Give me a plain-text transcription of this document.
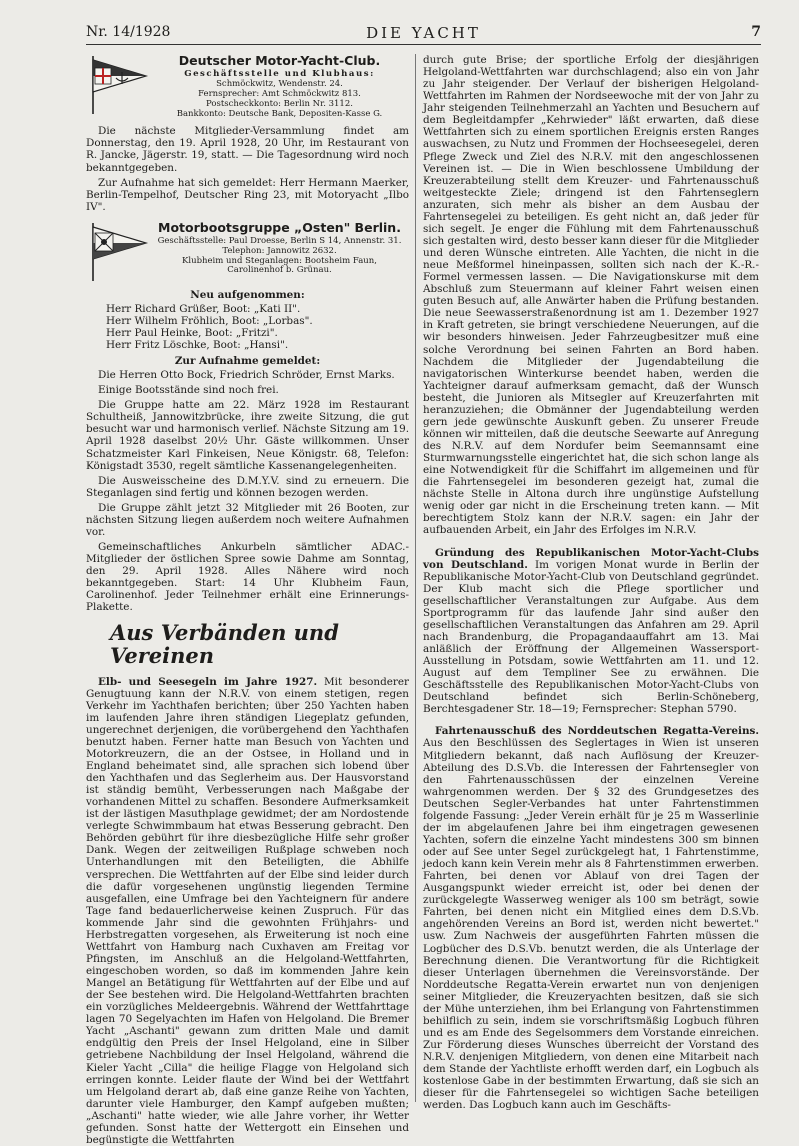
Nr. 14/1928	DIE YACHT	7
Deutscher Motor-Yacht-Club.
Geschäftsstelle und Klubhaus:
Schmöckwitz, Wendenstr. 24.
Fernsprecher: Amt Schmöckwitz 813.
Postscheckkonto: Berlin Nr. 3112.
Bankkonto: Deutsche Bank, Depositen-Kasse G.

Die nächste Mitglieder-Versammlung findet am Donnerstag, den 19. April 1928, 20 Uhr, im Restaurant von R. Jancke, Jägerstr. 19, statt. — Die Tagesordnung wird noch bekanntgegeben.

Zur Aufnahme hat sich gemeldet: Herr Hermann Maerker, Berlin-Tempelhof, Deutscher Ring 23, mit Motoryacht „Ilbo IV".

Motorbootsgruppe „Osten" Berlin.
Geschäftsstelle: Paul Droesse, Berlin S 14, Annenstr. 31.
Telephon: Jannowitz 2632.
Klubheim und Steganlagen: Bootsheim Faun,
Carolinenhof b. Grünau.
Neu aufgenommen:

Herr Richard Grüßer, Boot: „Kati II".

Herr Wilhelm Fröhlich, Boot: „Lorbas".

Herr Paul Heinke, Boot: „Fritzi".

Herr Fritz Löschke, Boot: „Hansi".

Zur Aufnahme gemeldet:

Die Herren Otto Bock, Friedrich Schröder, Ernst Marks.

Einige Bootsstände sind noch frei.

Die Gruppe hatte am 22. März 1928 im Restaurant Schultheiß, Jannowitzbrücke, ihre zweite Sitzung, die gut besucht war und harmonisch verlief. Nächste Sitzung am 19. April 1928 daselbst 20½ Uhr. Gäste willkommen. Unser Schatzmeister Karl Finkeisen, Neue Königstr. 68, Telefon: Königstadt 3530, regelt sämtliche Kassenangelegenheiten.

Die Ausweisscheine des D.M.Y.V. sind zu erneuern. Die Steganlagen sind fertig und können bezogen werden.

Die Gruppe zählt jetzt 32 Mitglieder mit 26 Booten, zur nächsten Sitzung liegen außerdem noch weitere Aufnahmen vor.

Gemeinschaftliches Ankurbeln sämtlicher ADAC.-Mitglieder der östlichen Spree sowie Dahme am Sonntag, den 29. April 1928. Alles Nähere wird noch bekanntgegeben. Start: 14 Uhr Klubheim Faun, Carolinenhof. Jeder Teilnehmer erhält eine Erinnerungs-Plakette.

Aus Verbänden und Vereinen

Elb- und Seesegeln im Jahre 1927. Mit besonderer Genugtuung kann der N.R.V. von einem stetigen, regen Verkehr im Yachthafen berichten; über 250 Yachten haben im laufenden Jahre ihren ständigen Liegeplatz gefunden, ungerechnet derjenigen, die vorübergehend den Yachthafen benutzt haben. Ferner hatte man Besuch von Yachten und Motorkreuzern, die an der Ostsee, in Holland und in England beheimatet sind, alle sprachen sich lobend über den Yachthafen und das Seglerheim aus. Der Hausvorstand ist ständig bemüht, Verbesserungen nach Maßgabe der vorhandenen Mittel zu schaffen. Besondere Aufmerksamkeit ist der lästigen Masuthplage gewidmet; der am Nordostende verlegte Schwimmbaum hat etwas Besserung gebracht. Den Behörden gebührt für ihre diesbezügliche Hilfe sehr großer Dank. Wegen der zeitweiligen Rußplage schweben noch Unterhandlungen mit den Beteiligten, die Abhilfe versprechen. Die Wettfahrten auf der Elbe sind leider durch die dafür vorgesehenen ungünstig liegenden Termine ausgefallen, eine Umfrage bei den Yachteignern für andere Tage fand bedauerlicherweise keinen Zuspruch. Für das kommende Jahr sind die gewohnten Frühjahrs- und Herbstregatten vorgesehen, als Erweiterung ist noch eine Wettfahrt von Hamburg nach Cuxhaven am Freitag vor Pfingsten, im Anschluß an die Helgoland-Wettfahrten, eingeschoben worden, so daß im kommenden Jahre kein Mangel an Betätigung für Wettfahrten auf der Elbe und auf der See bestehen wird. Die Helgoland-Wettfahrten brachten ein vorzügliches Meldeergebnis. Während der Wettfahrttage lagen 70 Segelyachten im Hafen von Helgoland. Die Bremer Yacht „Aschanti" gewann zum dritten Male und damit endgültig den Preis der Insel Helgoland, eine in Silber getriebene Nachbildung der Insel Helgoland, während die Kieler Yacht „Cilla" die heilige Flagge von Helgoland sich erringen konnte. Leider flaute der Wind bei der Wettfahrt um Helgoland derart ab, daß eine ganze Reihe von Yachten, darunter viele Hamburger, den Kampf aufgeben mußten; „Aschanti" hatte wieder, wie alle Jahre vorher, ihr Wetter gefunden. Sonst hatte der Wettergott ein Einsehen und begünstigte die Wettfahrten

durch gute Brise; der sportliche Erfolg der diesjährigen Helgoland-Wettfahrten war durchschlagend; also ein von Jahr zu Jahr steigender. Der Verlauf der bisherigen Helgoland-Wettfahrten im Rahmen der Nordseewoche mit der von Jahr zu Jahr steigenden Teilnehmerzahl an Yachten und Besuchern auf dem Begleitdampfer „Kehrwieder" läßt erwarten, daß diese Wettfahrten sich zu einem sportlichen Ereignis ersten Ranges auswachsen, zu Nutz und Frommen der Hochseesegelei, deren Pflege Zweck und Ziel des N.R.V. mit den angeschlossenen Vereinen ist. — Die in Wien beschlossene Umbildung der Kreuzerabteilung stellt dem Kreuzer- und Fahrtenausschuß weitgesteckte Ziele; dringend ist den Fahrtenseglern anzuraten, sich mehr als bisher an dem Ausbau der Fahrtensegelei zu beteiligen. Es geht nicht an, daß jeder für sich segelt. Je enger die Fühlung mit dem Fahrtenausschuß sich gestalten wird, desto besser kann dieser für die Mitglieder und deren Wünsche eintreten. Alle Yachten, die nicht in die neue Meßformel hineinpassen, sollten sich nach der K.-R.-Formel vermessen lassen. — Die Navigationskurse mit dem Abschluß zum Steuermann auf kleiner Fahrt weisen einen guten Besuch auf, alle Anwärter haben die Prüfung bestanden. Die neue Seewasserstraßenordnung ist am 1. Dezember 1927 in Kraft getreten, sie bringt verschiedene Neuerungen, auf die wir besonders hinweisen. Jeder Fahrzeugbesitzer muß eine solche Verordnung bei seinen Fahrten an Bord haben. Nachdem die Mitglieder der Jugendabteilung die navigatorischen Winterkurse beendet haben, werden die Yachteigner darauf aufmerksam gemacht, daß der Wunsch besteht, die Junioren als Mitsegler auf Kreuzerfahrten mit heranzuziehen; die Obmänner der Jugendabteilung werden gern jede gewünschte Auskunft geben. Zu unserer Freude können wir mitteilen, daß die deutsche Seewarte auf Anregung des N.R.V. auf dem Nordufer beim Seemannsamt eine Sturmwarnungsstelle eingerichtet hat, die sich schon lange als eine Notwendigkeit für die Schiffahrt im allgemeinen und für die Fahrtensegelei im besonderen gezeigt hat, zumal die nächste Stelle in Altona durch ihre ungünstige Aufstellung wenig oder gar nicht in die Erscheinung treten kann. — Mit berechtigtem Stolz kann der N.R.V. sagen: ein Jahr der aufbauenden Arbeit, ein Jahr des Erfolges im N.R.V.

Gründung des Republikanischen Motor-Yacht-Clubs von Deutschland. Im vorigen Monat wurde in Berlin der Republikanische Motor-Yacht-Club von Deutschland gegründet. Der Klub macht sich die Pflege sportlicher und gesellschaftlicher Veranstaltungen zur Aufgabe. Aus dem Sportprogramm für das laufende Jahr sind außer den gesellschaftlichen Veranstaltungen das Anfahren am 29. April nach Brandenburg, die Propagandaauffahrt am 13. Mai anläßlich der Eröffnung der Allgemeinen Wassersport-Ausstellung in Potsdam, sowie Wettfahrten am 11. und 12. August auf dem Templiner See zu erwähnen. Die Geschäftsstelle des Republikanischen Motor-Yacht-Clubs von Deutschland befindet sich Berlin-Schöneberg, Berchtesgadener Str. 18—19; Fernsprecher: Stephan 5790.

Fahrtenausschuß des Norddeutschen Regatta-Vereins. Aus den Beschlüssen des Seglertages in Wien ist unseren Mitgliedern bekannt, daß nach Auflösung der Kreuzer-Abteilung des D.S.Vb. die Interessen der Fahrtensegler von den Fahrtenausschüssen der einzelnen Vereine wahrgenommen werden. Der § 32 des Grundgesetzes des Deutschen Segler-Verbandes hat unter Fahrtenstimmen folgende Fassung: „Jeder Verein erhält für je 25 m Wasserlinie der im abgelaufenen Jahre bei ihm eingetragen gewesenen Yachten, sofern die einzelne Yacht mindestens 300 sm binnen oder auf See unter Segel zurückgelegt hat, 1 Fahrtenstimme, jedoch kann kein Verein mehr als 8 Fahrtenstimmen erwerben. Fahrten, bei denen vor Ablauf von drei Tagen der Ausgangspunkt wieder erreicht ist, oder bei denen der zurückgelegte Wasserweg weniger als 100 sm beträgt, sowie Fahrten, bei denen nicht ein Mitglied eines dem D.S.Vb. angehörenden Vereins an Bord ist, werden nicht bewertet." usw. Zum Nachweis der ausgeführten Fahrten müssen die Logbücher des D.S.Vb. benutzt werden, die als Unterlage der Berechnung dienen. Die Verantwortung für die Richtigkeit dieser Unterlagen übernehmen die Vereinsvorstände. Der Norddeutsche Regatta-Verein erwartet nun von denjenigen seiner Mitglieder, die Kreuzeryachten besitzen, daß sie sich der Mühe unterziehen, ihm bei Erlangung von Fahrtenstimmen behilflich zu sein, indem sie vorschriftsmäßig Logbuch führen und es am Ende des Segelsommers dem Vorstande einreichen. Zur Förderung dieses Wunsches überreicht der Vorstand des N.R.V. denjenigen Mitgliedern, von denen eine Mitarbeit nach dem Stande der Yachtliste erhofft werden darf, ein Logbuch als kostenlose Gabe in der bestimmten Erwartung, daß sie sich an dieser für die Fahrtensegelei so wichtigen Sache beteiligen werden. Das Logbuch kann auch im Geschäfts-
